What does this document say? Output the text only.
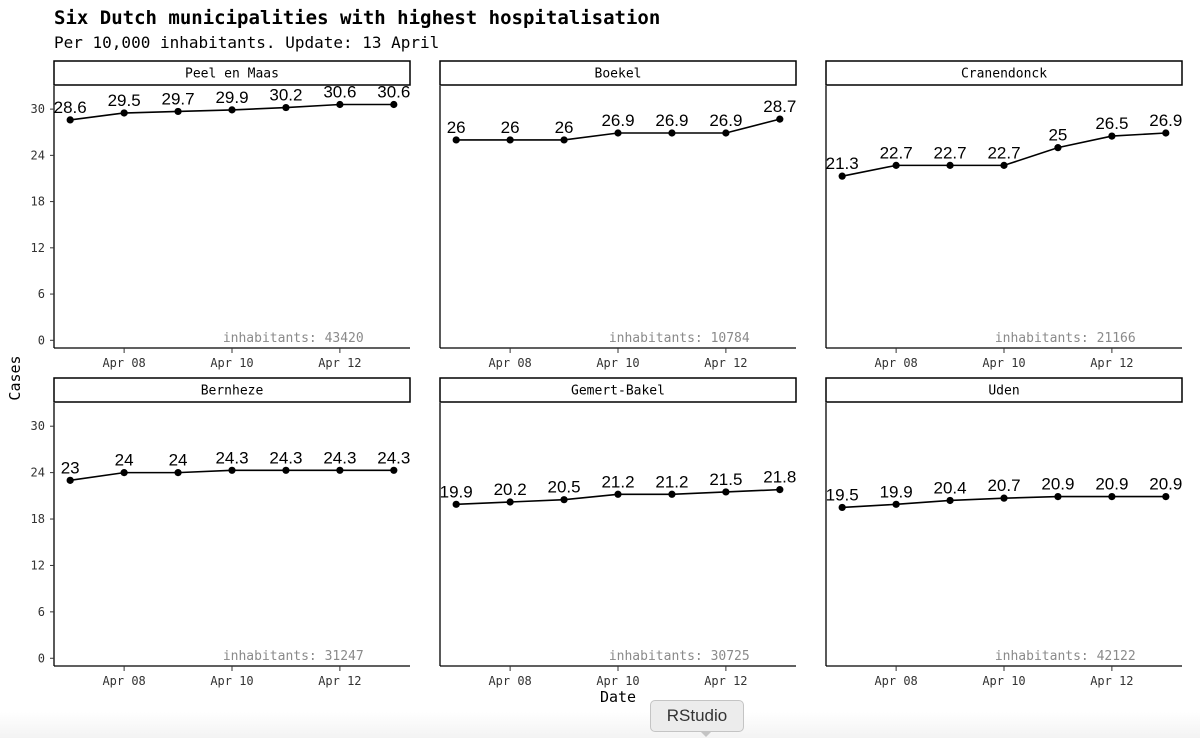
Six Dutch municipalities with highest hospitalisation
Per 10,000 inhabitants. Update: 13 April
Cases
Date
Peel en Maas
0
6
12
18
24
30
Apr 08	Apr 10	Apr 12
28.6 29.5 29.7 29.9 30.2 30.6 30.6
inhabitants: 43420
Boekel
Apr 08	Apr 10	Apr 12
26 26 26 26.9 26.9 26.9
28.7
inhabitants: 10784
Cranendonck
Apr 08	Apr 10	Apr 12
21.3
22.7 22.7 22.7
25
26.5 26.9
inhabitants: 21166
Bernheze
0
6
12
18
24
30
Apr 08	Apr 10	Apr 12
23 24 24 24.3 24.3 24.3 24.3
inhabitants: 31247
Gemert-Bakel
Apr 08	Apr 10	Apr 12
19.9 20.2 20.5 21.2 21.2 21.5 21.8
inhabitants: 30725
Uden
Apr 08	Apr 10	Apr 12
19.5 19.9 20.4 20.7 20.9 20.9 20.9
inhabitants: 42122
RStudio
